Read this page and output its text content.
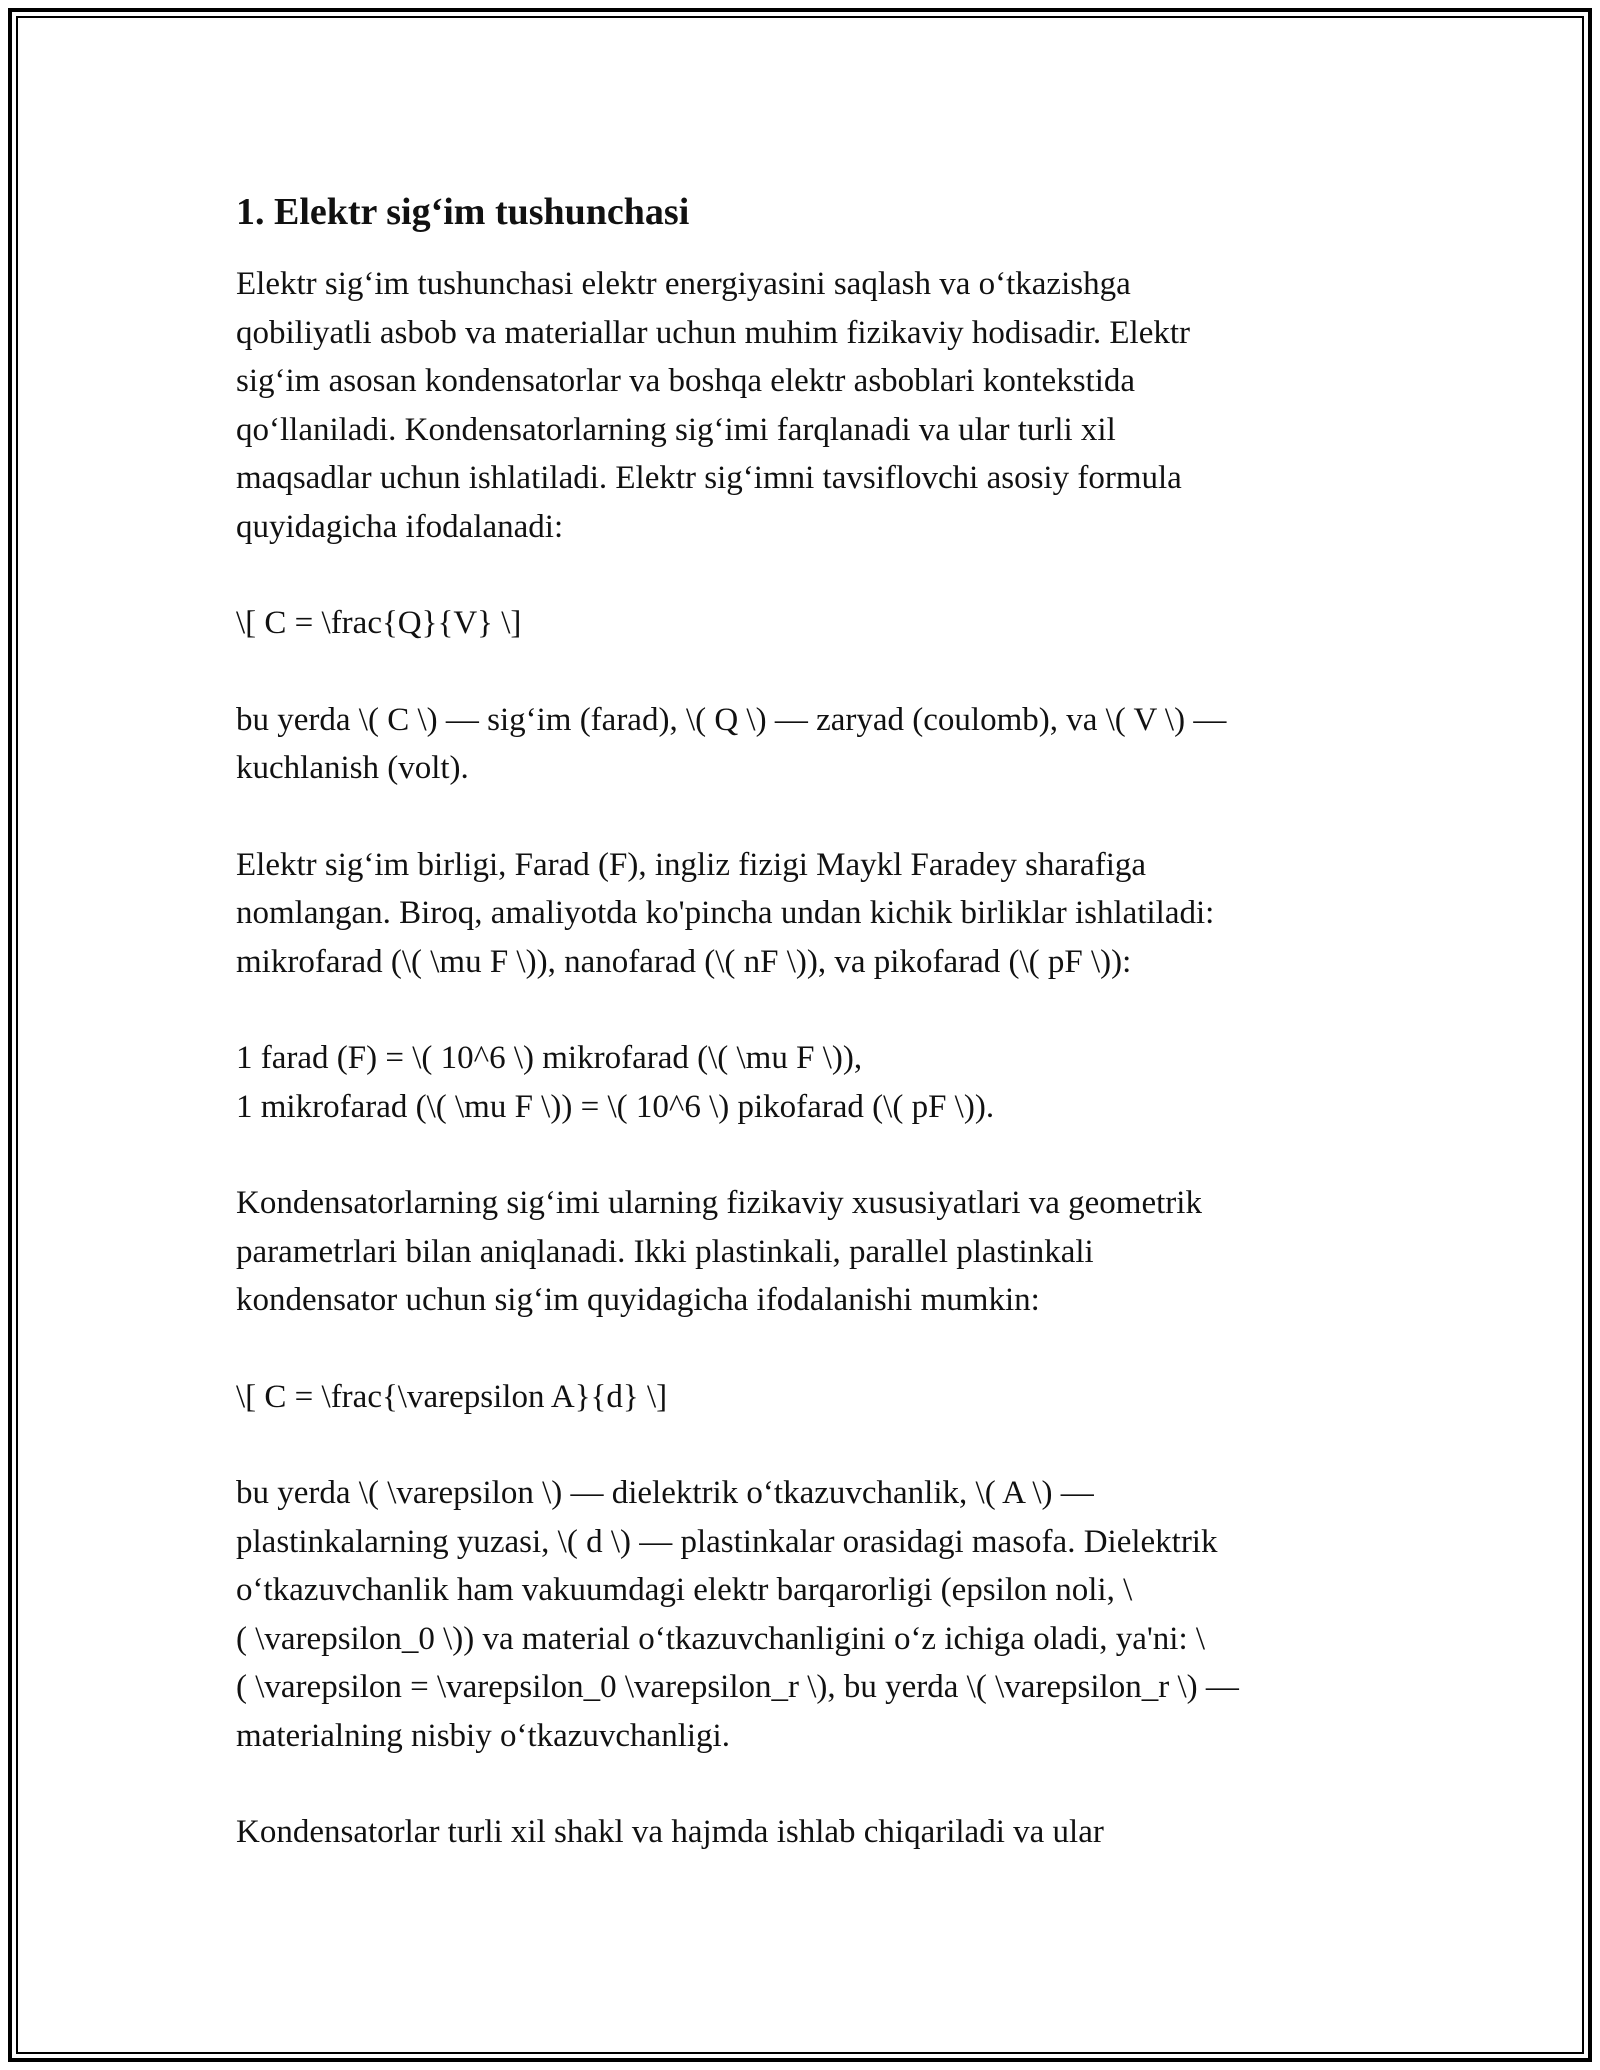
1. Elektr sig‘im tushunchasi

Elektr sig‘im tushunchasi elektr energiyasini saqlash va o‘tkazishga
qobiliyatli asbob va materiallar uchun muhim fizikaviy hodisadir. Elektr
sig‘im asosan kondensatorlar va boshqa elektr asboblari kontekstida
qo‘llaniladi. Kondensatorlarning sig‘imi farqlanadi va ular turli xil
maqsadlar uchun ishlatiladi. Elektr sig‘imni tavsiflovchi asosiy formula
quyidagicha ifodalanadi:

\[ C = \frac{Q}{V} \]

bu yerda \( C \) — sig‘im (farad), \( Q \) — zaryad (coulomb), va \( V \) —
kuchlanish (volt).

Elektr sig‘im birligi, Farad (F), ingliz fizigi Maykl Faradey sharafiga
nomlangan. Biroq, amaliyotda ko'pincha undan kichik birliklar ishlatiladi:
mikrofarad (\( \mu F \)), nanofarad (\( nF \)), va pikofarad (\( pF \)):

1 farad (F) = \( 10^6 \) mikrofarad (\( \mu F \)),
1 mikrofarad (\( \mu F \)) = \( 10^6 \) pikofarad (\( pF \)).

Kondensatorlarning sig‘imi ularning fizikaviy xususiyatlari va geometrik
parametrlari bilan aniqlanadi. Ikki plastinkali, parallel plastinkali
kondensator uchun sig‘im quyidagicha ifodalanishi mumkin:

\[ C = \frac{\varepsilon A}{d} \]

bu yerda \( \varepsilon \) — dielektrik o‘tkazuvchanlik, \( A \) —
plastinkalarning yuzasi, \( d \) — plastinkalar orasidagi masofa. Dielektrik
o‘tkazuvchanlik ham vakuumdagi elektr barqarorligi (epsilon noli, \
( \varepsilon_0 \)) va material o‘tkazuvchanligini o‘z ichiga oladi, ya'ni: \
( \varepsilon = \varepsilon_0 \varepsilon_r \), bu yerda \( \varepsilon_r \) —
materialning nisbiy o‘tkazuvchanligi.

Kondensatorlar turli xil shakl va hajmda ishlab chiqariladi va ular
